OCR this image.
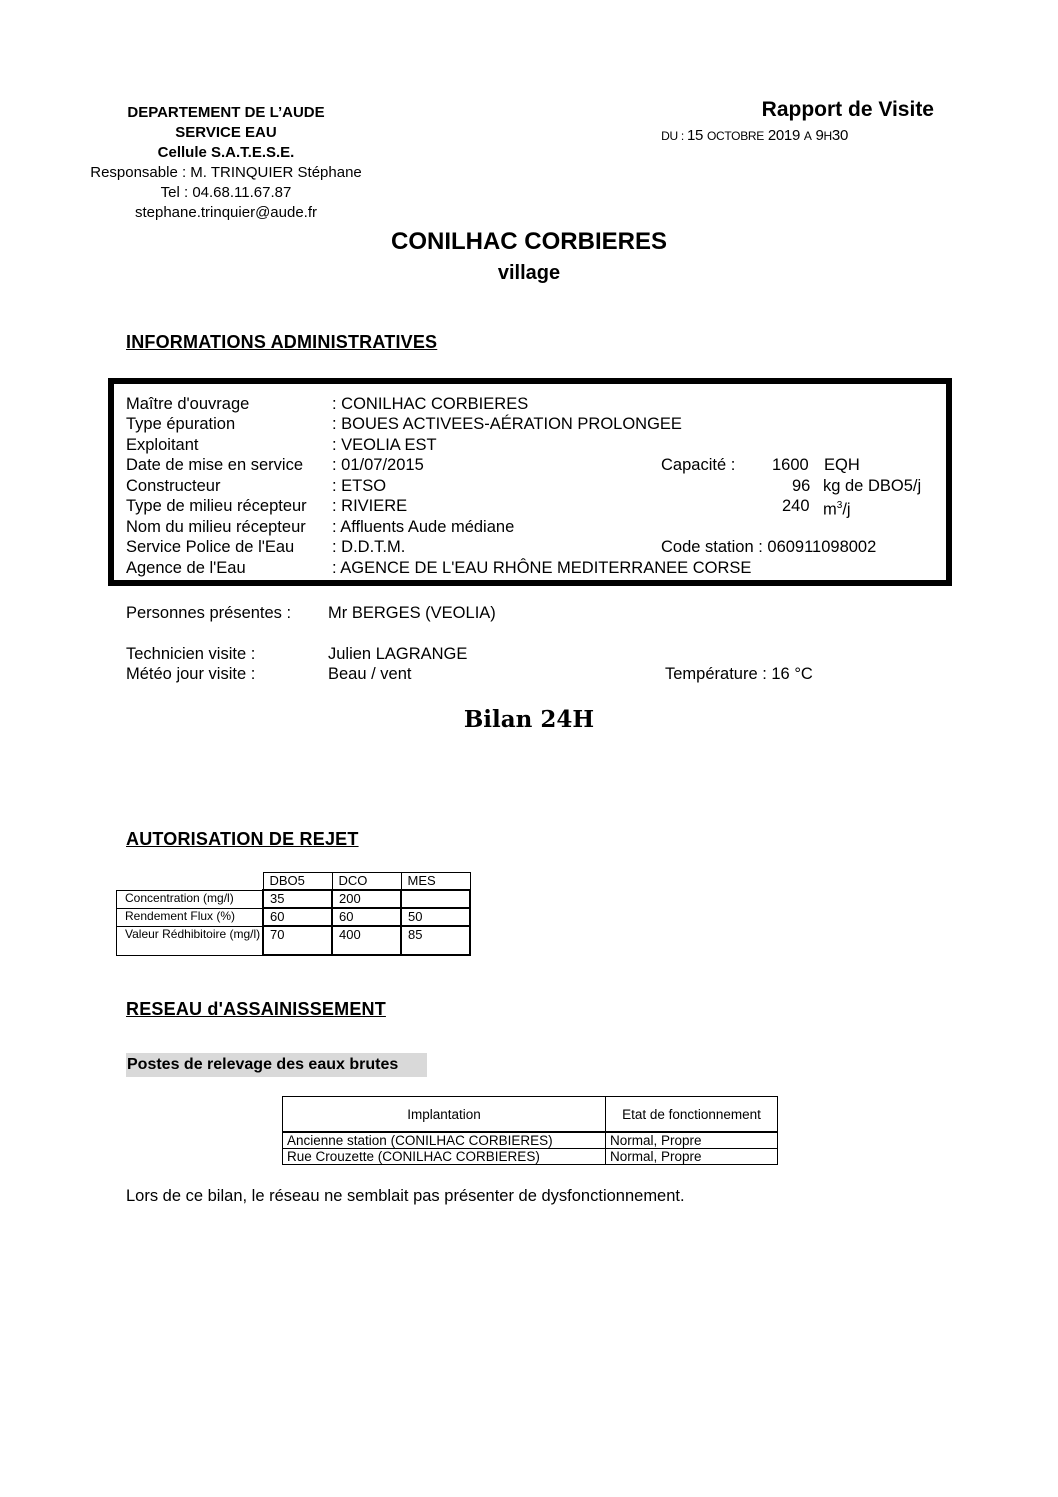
DEPARTEMENT DE L’AUDE
SERVICE EAU
Cellule S.A.T.E.S.E.
Responsable : M. TRINQUIER Stéphane
Tel : 04.68.11.67.87
stephane.trinquier@aude.fr
Rapport de Visite
DU : 15 OCTOBRE 2019 A 9H30
CONILHAC CORBIERES
village
INFORMATIONS ADMINISTRATIVES
Maître d'ouvrage	: CONILHAC CORBIERES
Type épuration	: BOUES ACTIVEES-AÉRATION PROLONGEE
Exploitant	: VEOLIA EST
Date de mise en service : 01/07/2015	Capacité : 1600 EQH
Constructeur	: ETSO	96 kg de DBO5/j
Type de milieu récepteur : RIVIERE	240 $m^3/j$
Nom du milieu récepteur : Affluents Aude médiane
Service Police de l'Eau : D.D.T.M.	Code station : 060911098002
Agence de l'Eau	: AGENCE DE L'EAU RHÔNE MEDITERRANEE CORSE
Personnes présentes : Mr BERGES (VEOLIA)
Technicien visite :	Julien LAGRANGE
Météo jour visite :	Beau / vent	Température : 16 °C
Bilan 24H
AUTORISATION DE REJET
	DBO5	DCO	MES
Concentration (mg/l)	35	200	
Rendement Flux (%)	60	60	50
Valeur Rédhibitoire (mg/l)	70	400	85
RESEAU d'ASSAINISSEMENT
Postes de relevage des eaux brutes
Implantation	Etat de fonctionnement
Ancienne station (CONILHAC CORBIERES)	Normal, Propre
Rue Crouzette (CONILHAC CORBIERES)	Normal, Propre
Lors de ce bilan, le réseau ne semblait pas présenter de dysfonctionnement.
